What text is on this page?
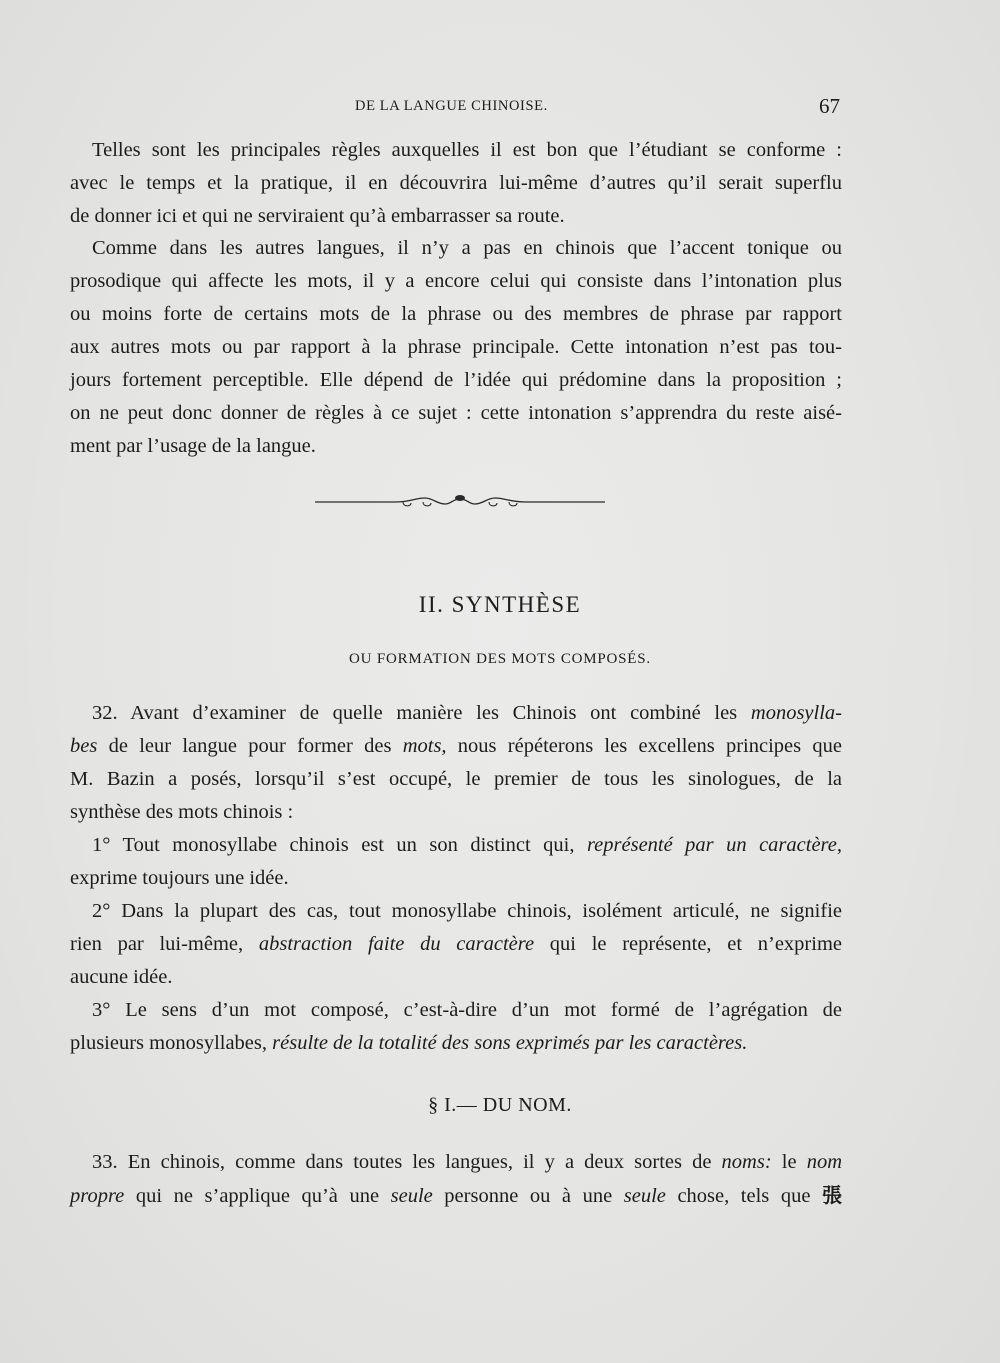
DE LA LANGUE CHINOISE.	67
Telles sont les principales règles auxquelles il est bon que l’étudiant se conforme :
avec le temps et la pratique, il en découvrira lui-même d’autres qu’il serait superflu
de donner ici et qui ne serviraient qu’à embarrasser sa route.
Comme dans les autres langues, il n’y a pas en chinois que l’accent tonique ou
prosodique qui affecte les mots, il y a encore celui qui consiste dans l’intonation plus
ou moins forte de certains mots de la phrase ou des membres de phrase par rapport
aux autres mots ou par rapport à la phrase principale. Cette intonation n’est pas tou-
jours fortement perceptible. Elle dépend de l’idée qui prédomine dans la proposition ;
on ne peut donc donner de règles à ce sujet : cette intonation s’apprendra du reste aisé-
ment par l’usage de la langue.
II. SYNTHÈSE
OU FORMATION DES MOTS COMPOSÉS.
32. Avant d’examiner de quelle manière les Chinois ont combiné les monosylla-
bes de leur langue pour former des mots, nous répéterons les excellens principes que
M. Bazin a posés, lorsqu’il s’est occupé, le premier de tous les sinologues, de la
synthèse des mots chinois :
1° Tout monosyllabe chinois est un son distinct qui, représenté par un caractère,
exprime toujours une idée.
2° Dans la plupart des cas, tout monosyllabe chinois, isolément articulé, ne signifie
rien par lui-même, abstraction faite du caractère qui le représente, et n’exprime
aucune idée.
3° Le sens d’un mot composé, c’est-à-dire d’un mot formé de l’agrégation de
plusieurs monosyllabes, résulte de la totalité des sons exprimés par les caractères.
§ I.— DU NOM.
33. En chinois, comme dans toutes les langues, il y a deux sortes de noms: le nom
propre qui ne s’applique qu’à une seule personne ou à une seule chose, tels que 張
